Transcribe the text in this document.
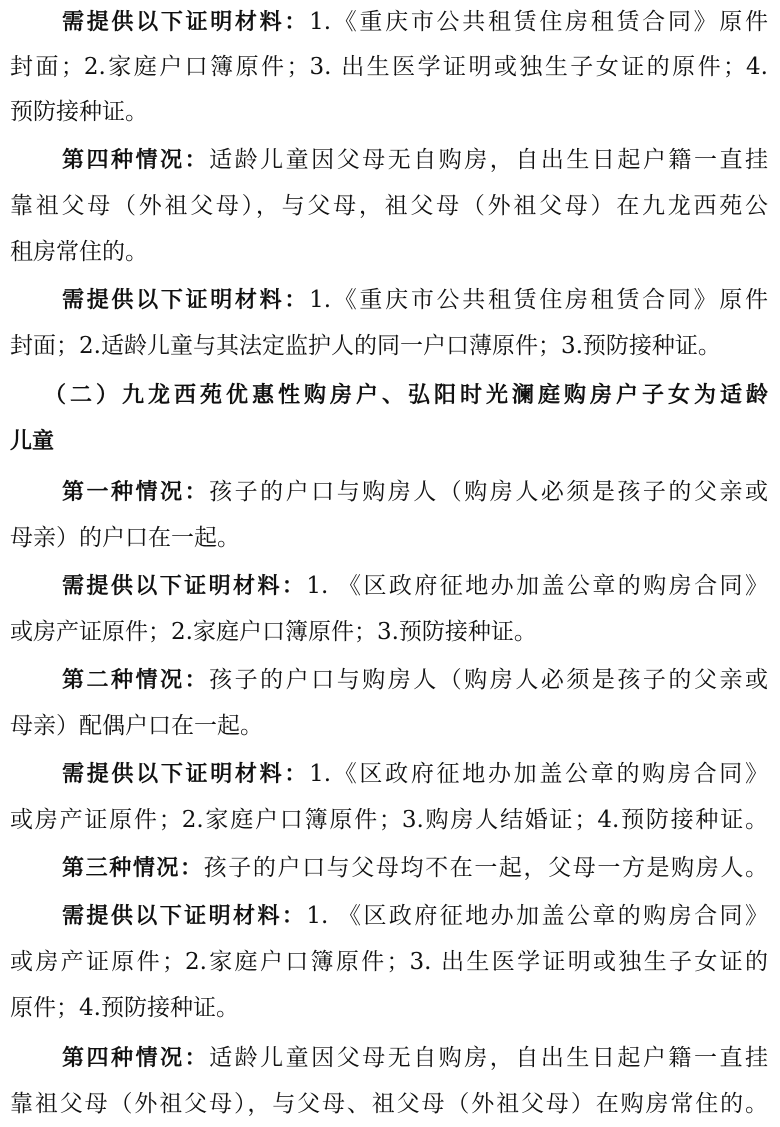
需提供以下证明材料：1.《重庆市公共租赁住房租赁合同》原件
封面；2.家庭户口簿原件；3. 出生医学证明或独生子女证的原件；4.
预防接种证。
第四种情况：适龄儿童因父母无自购房，自出生日起户籍一直挂
靠祖父母（外祖父母），与父母，祖父母（外祖父母）在九龙西苑公
租房常住的。
需提供以下证明材料：1.《重庆市公共租赁住房租赁合同》原件
封面；2.适龄儿童与其法定监护人的同一户口薄原件；3.预防接种证。
（二）九龙西苑优惠性购房户、弘阳时光澜庭购房户子女为适龄
儿童
第一种情况：孩子的户口与购房人（购房人必须是孩子的父亲或
母亲）的户口在一起。
需提供以下证明材料：1. 《区政府征地办加盖公章的购房合同》
或房产证原件；2.家庭户口簿原件；3.预防接种证。
第二种情况：孩子的户口与购房人（购房人必须是孩子的父亲或
母亲）配偶户口在一起。
需提供以下证明材料：1.《区政府征地办加盖公章的购房合同》
或房产证原件；2.家庭户口簿原件；3.购房人结婚证；4.预防接种证。
第三种情况：孩子的户口与父母均不在一起，父母一方是购房人。
需提供以下证明材料：1. 《区政府征地办加盖公章的购房合同》
或房产证原件；2.家庭户口簿原件；3. 出生医学证明或独生子女证的
原件；4.预防接种证。
第四种情况：适龄儿童因父母无自购房，自出生日起户籍一直挂
靠祖父母（外祖父母），与父母、祖父母（外祖父母）在购房常住的。
